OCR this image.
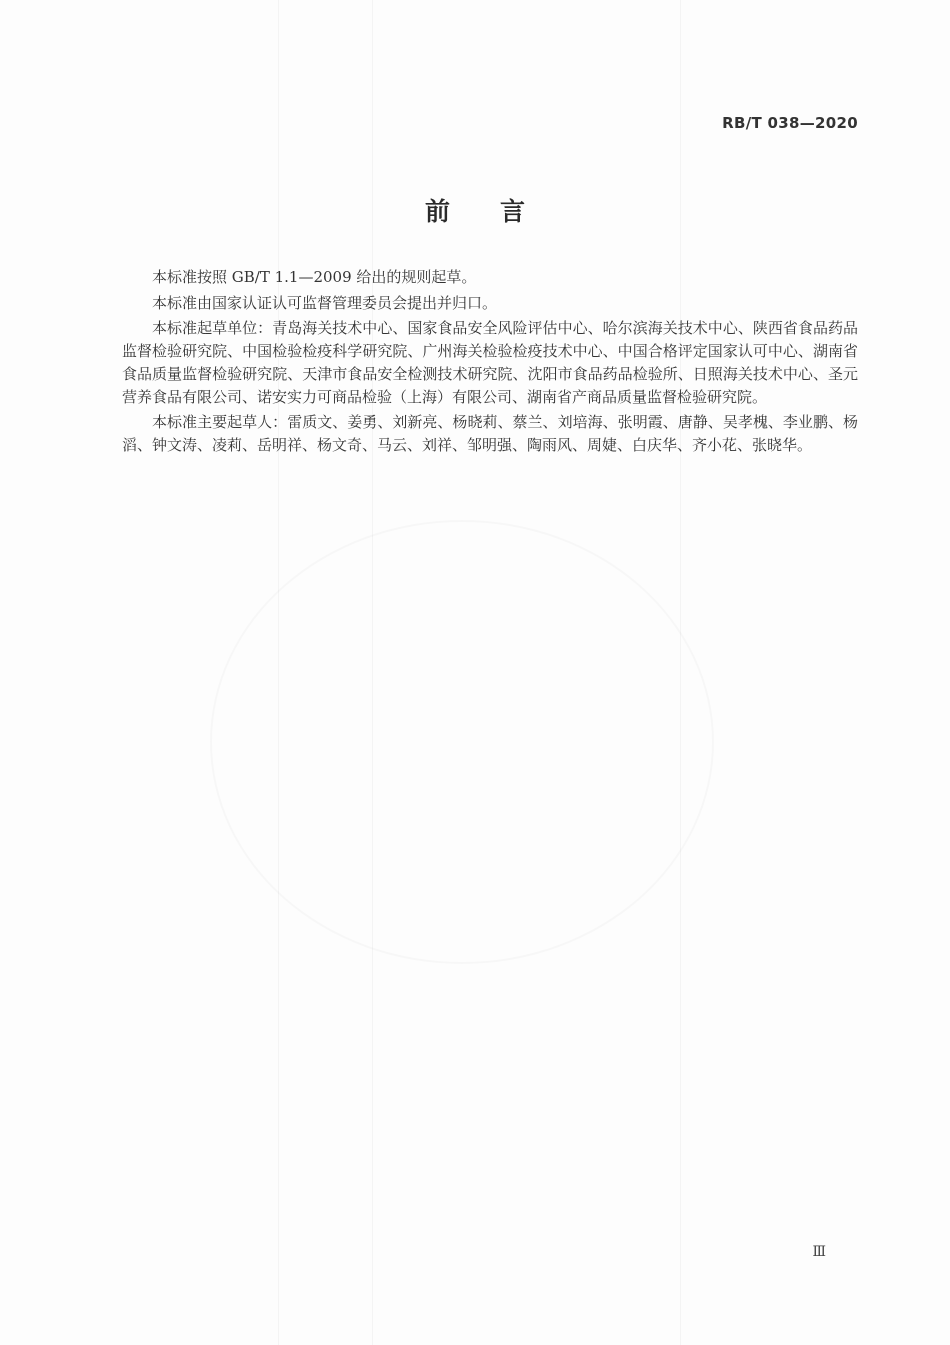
RB/T 038—2020
前 言

本标准按照 GB/T 1.1—2009 给出的规则起草。

本标准由国家认证认可监督管理委员会提出并归口。

本标准起草单位：青岛海关技术中心、国家食品安全风险评估中心、哈尔滨海关技术中心、陕西省食品药品监督检验研究院、中国检验检疫科学研究院、广州海关检验检疫技术中心、中国合格评定国家认可中心、湖南省食品质量监督检验研究院、天津市食品安全检测技术研究院、沈阳市食品药品检验所、日照海关技术中心、圣元营养食品有限公司、诺安实力可商品检验（上海）有限公司、湖南省产商品质量监督检验研究院。

本标准主要起草人：雷质文、姜勇、刘新亮、杨晓莉、蔡兰、刘培海、张明霞、唐静、吴孝槐、李业鹏、杨滔、钟文涛、凌莉、岳明祥、杨文奇、马云、刘祥、邹明强、陶雨风、周婕、白庆华、齐小花、张晓华。

Ⅲ
